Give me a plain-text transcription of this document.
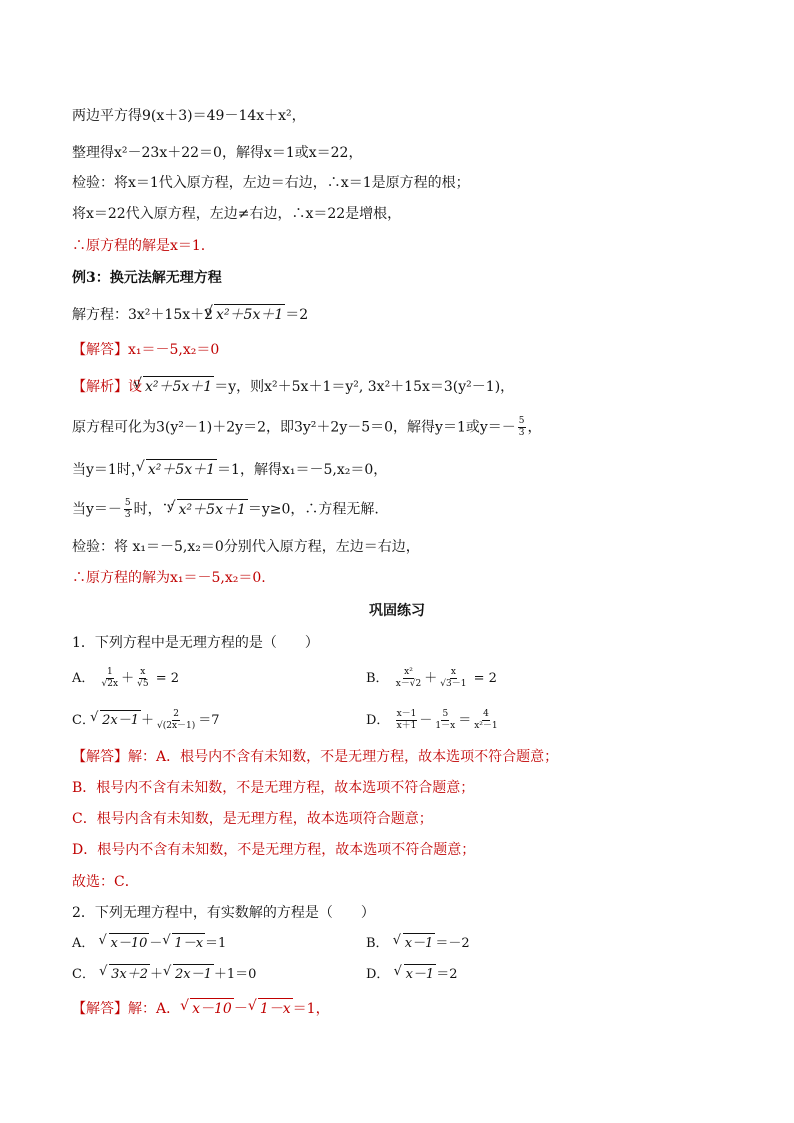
两边平方得9(x＋3)＝49－14x＋x²，
整理得x²－23x＋22＝0，解得x＝1或x＝22，
检验：将x＝1代入原方程，左边＝右边，∴x＝1是原方程的根；
将x＝22代入原方程，左边≠右边，∴x＝22是增根，
∴原方程的解是x＝1.
例3：换元法解无理方程
解方程：3x²＋15x＋2 √ x²＋5x＋1 ＝2
【解答】x₁＝－5,x₂＝0
【解析】设 √ x²＋5x＋1 ＝y，则x²＋5x＋1＝y², 3x²＋15x＝3(y²－1)，
原方程可化为3(y²－1)＋2y＝2，即3y²＋2y－5＝0，解得y＝1或$y=- \frac{5}{3}$ ，
当y＝1时， √ x²＋5x＋1 ＝1，解得x₁＝－5,x₂＝0，
当$y=- \frac{5}{3}$ 时，∵ √ x²＋5x＋1 ＝y≥0，∴方程无解.
检验：将 x₁＝－5,x₂＝0分别代入原方程，左边＝右边，
∴原方程的解为x₁＝－5,x₂＝0.
巩固练习
1．下列方程中是无理方程的是（　　）
A． $\frac{1}{√2x} + \frac{x}{√5} = 2$	B． $\frac{\text{x²}}{x-√2} + \frac{x}{√3-1} = 2$
C． √ $2x-1 + \frac{2}{√(2x-1)} =7$	D． $\frac{x-1}{x+1} - \frac{5}{1-x} = \frac{4}{\text{x²－1}}$
【解答】解：A．根号内不含有未知数，不是无理方程，故本选项不符合题意；
B．根号内不含有未知数，不是无理方程，故本选项不符合题意；
C．根号内含有未知数，是无理方程，故本选项符合题意；
D．根号内不含有未知数，不是无理方程，故本选项不符合题意；
故选：C．
2．下列无理方程中，有实数解的方程是（　　）
A． √ x－10 － √ 1－x ＝1	B． √ x－1 ＝－2
C． √ 3x＋2 ＋ √ 2x－1 ＋1＝0	D． √ x－1 ＝2
【解答】解：A． √ x－10 － √ 1－x ＝1，
